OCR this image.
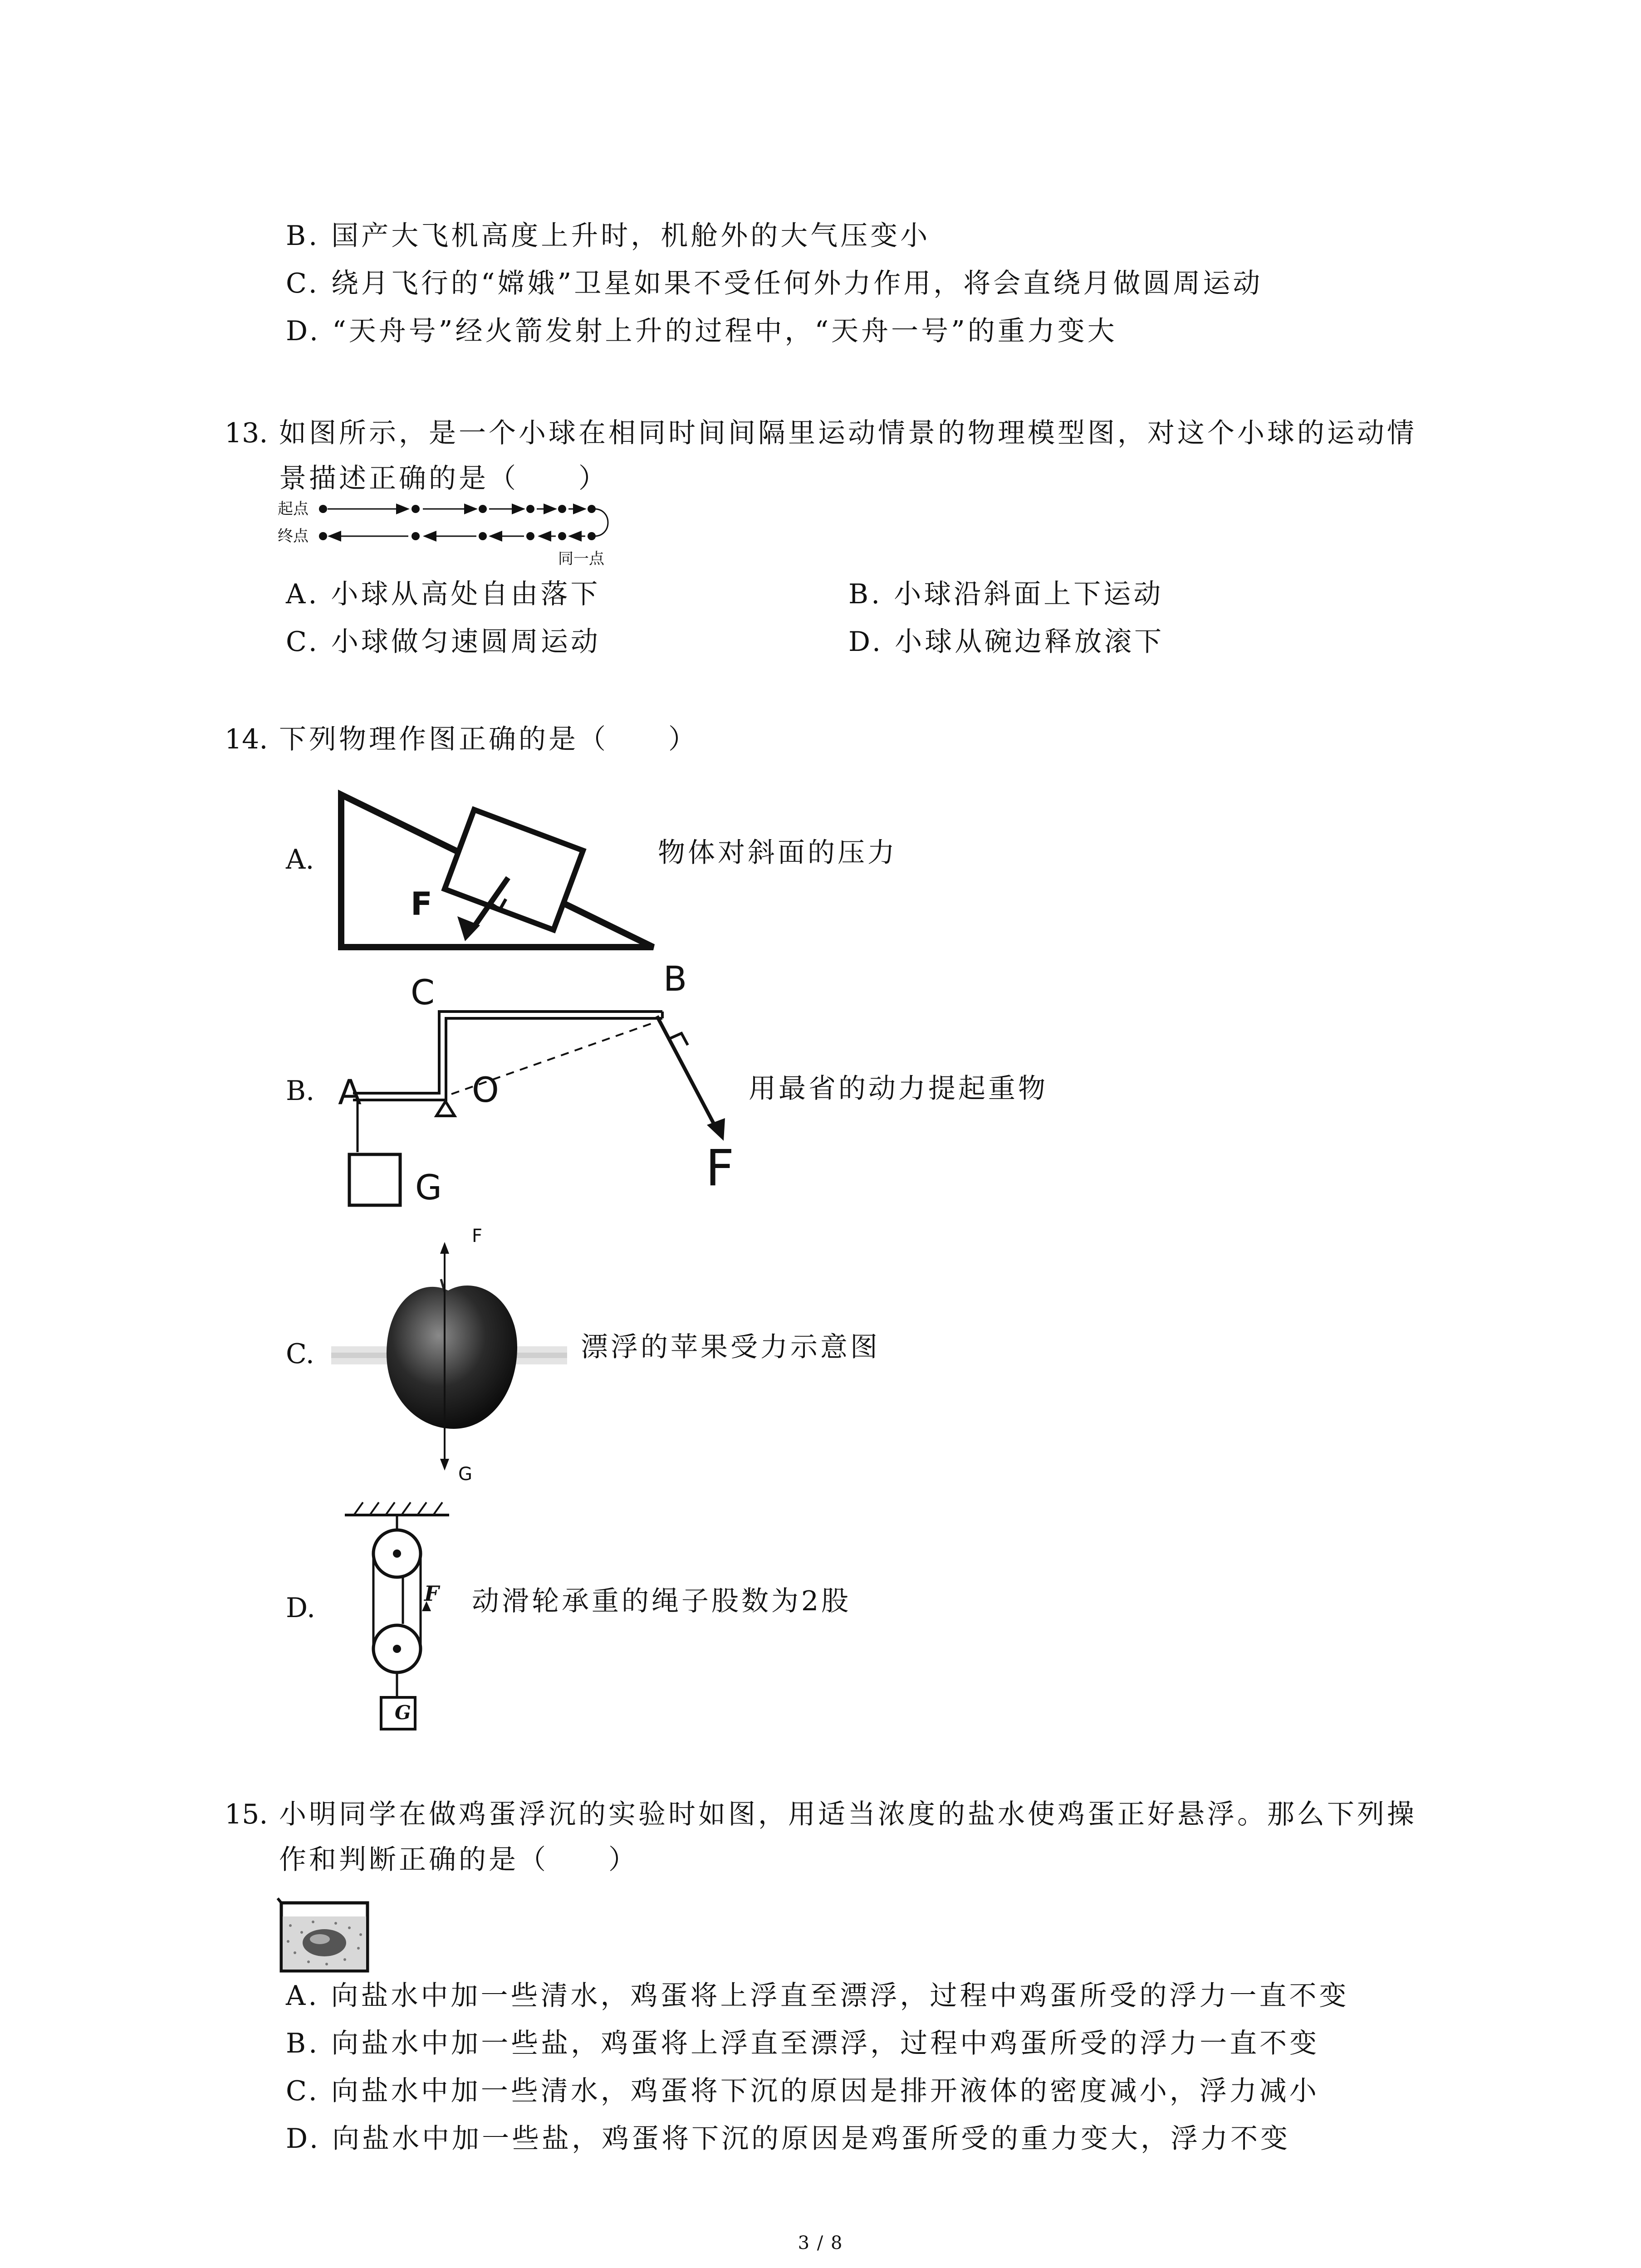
B. 国产大飞机高度上升时，机舱外的大气压变小
C. 绕月飞行的“嫦娥”卫星如果不受任何外力作用，将会直绕月做圆周运动
D. “天舟号”经火箭发射上升的过程中，“天舟一号”的重力变大
13. 如图所示，是一个小球在相同时间间隔里运动情景的物理模型图，对这个小球的运动情
景描述正确的是（　　）
起点
终点
同一点
A. 小球从高处自由落下	B. 小球沿斜面上下运动
C. 小球做匀速圆周运动	D. 小球从碗边释放滚下
14. 下列物理作图正确的是（　　）
A.
F
物体对斜面的压力
B.
C	B
A	O
F
G
用最省的动力提起重物
C.
F
G
漂浮的苹果受力示意图
D.	F
G
动滑轮承重的绳子股数为2股
15. 小明同学在做鸡蛋浮沉的实验时如图，用适当浓度的盐水使鸡蛋正好悬浮。那么下列操
作和判断正确的是（　　）
A. 向盐水中加一些清水，鸡蛋将上浮直至漂浮，过程中鸡蛋所受的浮力一直不变
B. 向盐水中加一些盐，鸡蛋将上浮直至漂浮，过程中鸡蛋所受的浮力一直不变
C. 向盐水中加一些清水，鸡蛋将下沉的原因是排开液体的密度减小，浮力减小
D. 向盐水中加一些盐，鸡蛋将下沉的原因是鸡蛋所受的重力变大，浮力不变
3 / 8
